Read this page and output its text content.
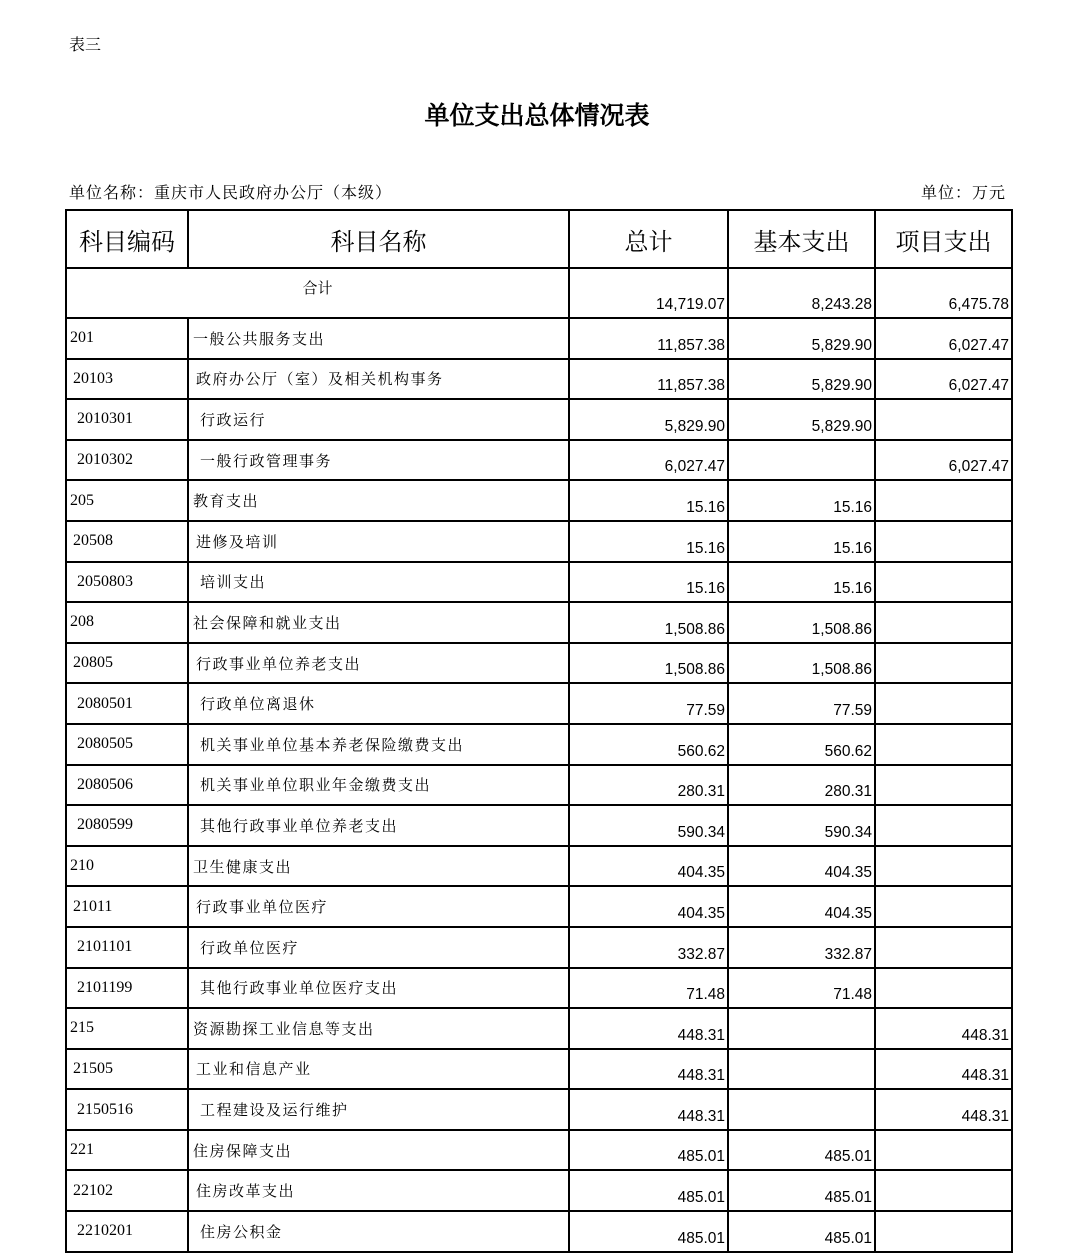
表三
单位支出总体情况表
单位名称：重庆市人民政府办公厅（本级）	单位：万元
科目编码	科目名称	总计	基本支出	项目支出
合计		14,719.07	8,243.28	6,475.78
201	一般公共服务支出	11,857.38	5,829.90	6,027.47
20103	政府办公厅（室）及相关机构事务	11,857.38	5,829.90	6,027.47
2010301	行政运行	5,829.90	5,829.90	
2010302	一般行政管理事务	6,027.47		6,027.47
205	教育支出	15.16	15.16	
20508	进修及培训	15.16	15.16	
2050803	培训支出	15.16	15.16	
208	社会保障和就业支出	1,508.86	1,508.86	
20805	行政事业单位养老支出	1,508.86	1,508.86	
2080501	行政单位离退休	77.59	77.59	
2080505	机关事业单位基本养老保险缴费支出	560.62	560.62	
2080506	机关事业单位职业年金缴费支出	280.31	280.31	
2080599	其他行政事业单位养老支出	590.34	590.34	
210	卫生健康支出	404.35	404.35	
21011	行政事业单位医疗	404.35	404.35	
2101101	行政单位医疗	332.87	332.87	
2101199	其他行政事业单位医疗支出	71.48	71.48	
215	资源勘探工业信息等支出	448.31		448.31
21505	工业和信息产业	448.31		448.31
2150516	工程建设及运行维护	448.31		448.31
221	住房保障支出	485.01	485.01	
22102	住房改革支出	485.01	485.01	
2210201	住房公积金	485.01	485.01	
